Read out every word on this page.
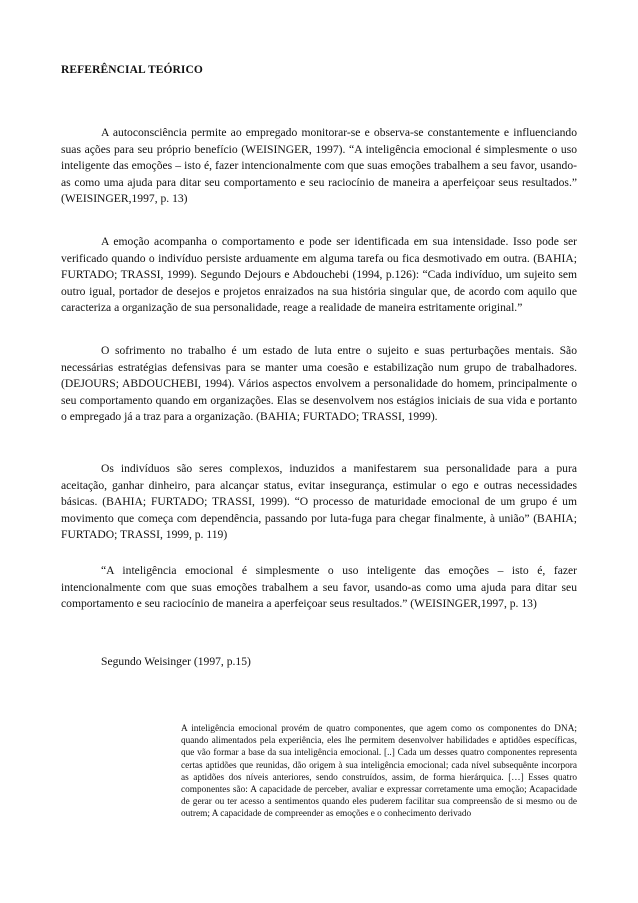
REFERÊNCIAL TEÓRICO

A autoconsciência permite ao empregado monitorar-se e observa-se constantemente e influenciando suas ações para seu próprio benefício (WEISINGER, 1997). “A inteligência emocional é simplesmente o uso inteligente das emoções – isto é, fazer intencionalmente com que suas emoções trabalhem a seu favor, usando-as como uma ajuda para ditar seu comportamento e seu raciocínio de maneira a aperfeiçoar seus resultados.” (WEISINGER,1997, p. 13)

A emoção acompanha o comportamento e pode ser identificada em sua intensidade. Isso pode ser verificado quando o indivíduo persiste arduamente em alguma tarefa ou fica desmotivado em outra. (BAHIA; FURTADO; TRASSI, 1999). Segundo Dejours e Abdouchebi (1994, p.126): “Cada indivíduo, um sujeito sem outro igual, portador de desejos e projetos enraizados na sua história singular que, de acordo com aquilo que caracteriza a organização de sua personalidade, reage a realidade de maneira estritamente original.”

O sofrimento no trabalho é um estado de luta entre o sujeito e suas perturbações mentais. São necessárias estratégias defensivas para se manter uma coesão e estabilização num grupo de trabalhadores. (DEJOURS; ABDOUCHEBI, 1994). Vários aspectos envolvem a personalidade do homem, principalmente o seu comportamento quando em organizações. Elas se desenvolvem nos estágios iniciais de sua vida e portanto o empregado já a traz para a organização. (BAHIA; FURTADO; TRASSI, 1999).

Os indivíduos são seres complexos, induzidos a manifestarem sua personalidade para a pura aceitação, ganhar dinheiro, para alcançar status, evitar insegurança, estimular o ego e outras necessidades básicas. (BAHIA; FURTADO; TRASSI, 1999). “O processo de maturidade emocional de um grupo é um movimento que começa com dependência, passando por luta-fuga para chegar finalmente, à união” (BAHIA; FURTADO; TRASSI, 1999, p. 119)

“A inteligência emocional é simplesmente o uso inteligente das emoções – isto é, fazer intencionalmente com que suas emoções trabalhem a seu favor, usando-as como uma ajuda para ditar seu comportamento e seu raciocínio de maneira a aperfeiçoar seus resultados.” (WEISINGER,1997, p. 13)

Segundo Weisinger (1997, p.15)

A inteligência emocional provém de quatro componentes, que agem como os componentes do DNA; quando alimentados pela experiência, eles lhe permitem desenvolver habilidades e aptidões específicas, que vão formar a base da sua inteligência emocional. [..] Cada um desses quatro componentes representa certas aptidões que reunidas, dão origem à sua inteligência emocional; cada nível subsequênte incorpora as aptidões dos níveis anteriores, sendo construídos, assim, de forma hierárquica. […] Esses quatro componentes são: A capacidade de perceber, avaliar e expressar corretamente uma emoção; Acapacidade de gerar ou ter acesso a sentimentos quando eles puderem facilitar sua compreensão de si mesmo ou de outrem; A capacidade de compreender as emoções e o conhecimento derivado
